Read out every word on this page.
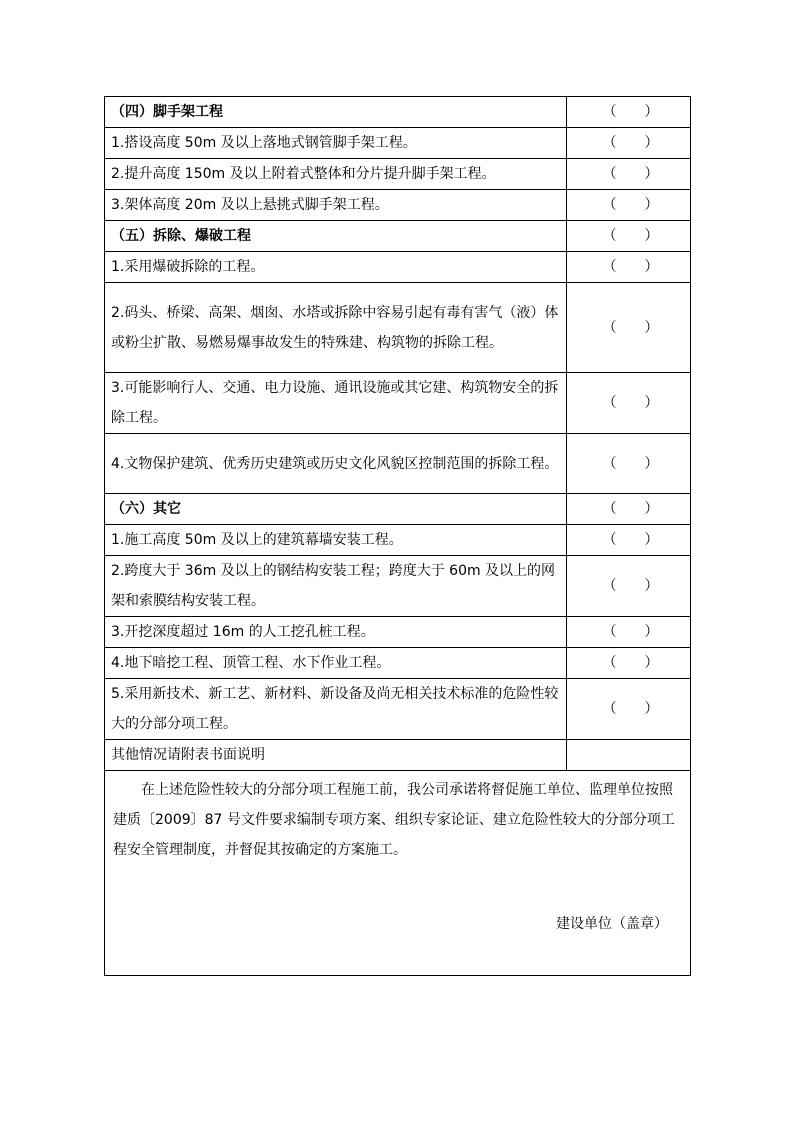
（四）脚手架工程	（　　）
1.搭设高度 50m 及以上落地式钢管脚手架工程。	（　　）
2.提升高度 150m 及以上附着式整体和分片提升脚手架工程。	（　　）
3.架体高度 20m 及以上悬挑式脚手架工程。	（　　）
（五）拆除、爆破工程	（　　）
1.采用爆破拆除的工程。	（　　）
2.码头、桥梁、高架、烟囱、水塔或拆除中容易引起有毒有害气（液）体或粉尘扩散、易燃易爆事故发生的特殊建、构筑物的拆除工程。	（　　）
3.可能影响行人、交通、电力设施、通讯设施或其它建、构筑物安全的拆除工程。	（　　）
4.文物保护建筑、优秀历史建筑或历史文化风貌区控制范围的拆除工程。	（　　）
（六）其它	（　　）
1.施工高度 50m 及以上的建筑幕墙安装工程。	（　　）
2.跨度大于 36m 及以上的钢结构安装工程；跨度大于 60m 及以上的网架和索膜结构安装工程。	（　　）
3.开挖深度超过 16m 的人工挖孔桩工程。	（　　）
4.地下暗挖工程、顶管工程、水下作业工程。	（　　）
5.采用新技术、新工艺、新材料、新设备及尚无相关技术标准的危险性较大的分部分项工程。	（　　）
其他情况请附表书面说明	

在上述危险性较大的分部分项工程施工前，我公司承诺将督促施工单位、监理单位按照建质〔2009〕87 号文件要求编制专项方案、组织专家论证、建立危险性较大的分部分项工程安全管理制度，并督促其按确定的方案施工。

建设单位（盖章）	
